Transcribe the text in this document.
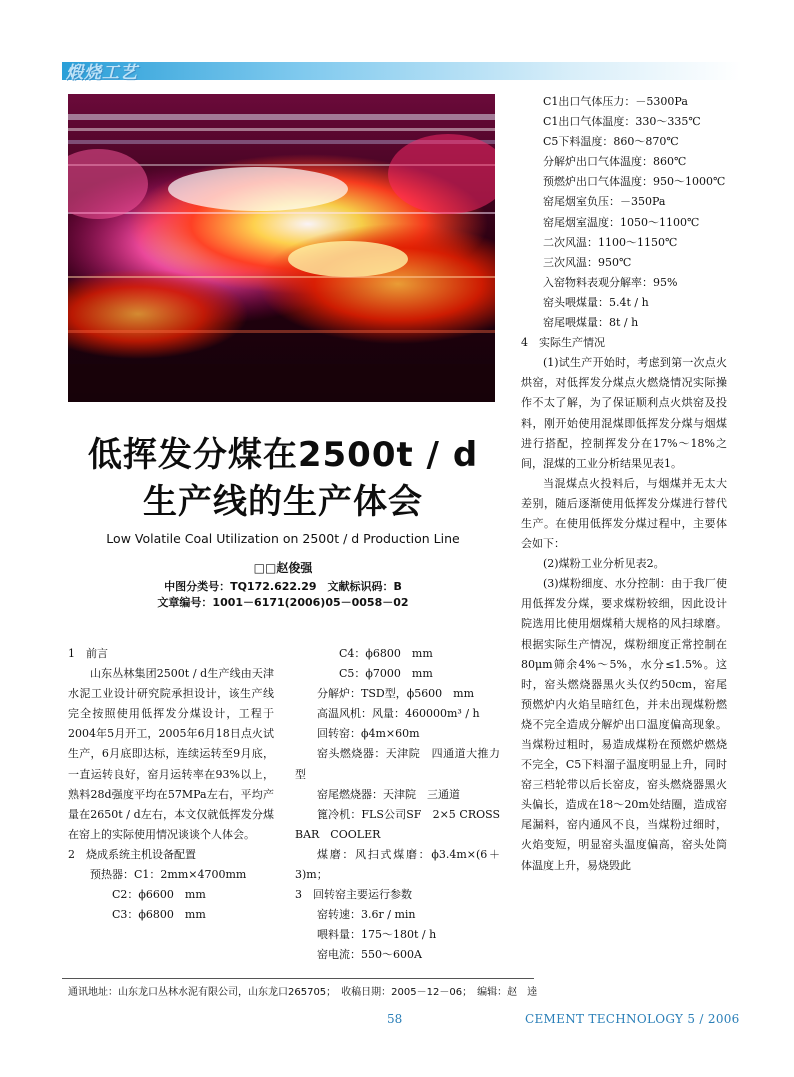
煅烧工艺
低挥发分煤在2500t / d
生产线的生产体会
Low Volatile Coal Utilization on 2500t / d Production Line
□□赵俊强
中图分类号：TQ172.622.29　文献标识码：B
文章编号：1001－6171(2006)05－0058－02

1　前言

山东丛林集团2500t / d生产线由天津水泥工业设计研究院承担设计，该生产线完全按照使用低挥发分煤设计，工程于2004年5月开工，2005年6月18日点火试生产，6月底即达标，连续运转至9月底，一直运转良好，窑月运转率在93%以上，熟料28d强度平均在57MPa左右，平均产量在2650t / d左右，本文仅就低挥发分煤在窑上的实际使用情况谈谈个人体会。

2　烧成系统主机设备配置

预热器：C1：2mm×4700mm

C2：ϕ6600　mm

C3：ϕ6800　mm

C4：ϕ6800　mm

C5：ϕ7000　mm

分解炉：TSD型，ϕ5600　mm

高温风机：风量：460000m³ / h

回转窑：ϕ4m×60m

窑头燃烧器：天津院　四通道大推力型

窑尾燃烧器：天津院　三通道

篦冷机：FLS公司SF　2×5 CROSS　BAR　COOLER

煤磨：风扫式煤磨：ϕ3.4m×(6＋3)m；

3　回转窑主要运行参数

窑转速：3.6r / min

喂料量：175～180t / h

窑电流：550～600A

C1出口气体压力：－5300Pa

C1出口气体温度：330～335℃

C5下料温度：860～870℃

分解炉出口气体温度：860℃

预燃炉出口气体温度：950～1000℃

窑尾烟室负压：－350Pa

窑尾烟室温度：1050～1100℃

二次风温：1100～1150℃

三次风温：950℃

入窑物料表观分解率：95%

窑头喂煤量：5.4t / h

窑尾喂煤量：8t / h

4　实际生产情况

(1)试生产开始时，考虑到第一次点火烘窑，对低挥发分煤点火燃烧情况实际操作不太了解，为了保证顺利点火烘窑及投料，刚开始使用混煤即低挥发分煤与烟煤进行搭配，控制挥发分在17%～18%之间，混煤的工业分析结果见表1。

当混煤点火投料后，与烟煤并无太大差别，随后逐渐使用低挥发分煤进行替代生产。在使用低挥发分煤过程中，主要体会如下：

(2)煤粉工业分析见表2。

(3)煤粉细度、水分控制：由于我厂使用低挥发分煤，要求煤粉较细，因此设计院选用比使用烟煤稍大规格的风扫球磨。根据实际生产情况，煤粉细度正常控制在80μm筛余4%～5%，水分≤1.5%。这时，窑头燃烧器黑火头仅约50cm，窑尾预燃炉内火焰呈暗红色，并未出现煤粉燃烧不完全造成分解炉出口温度偏高现象。当煤粉过粗时，易造成煤粉在预燃炉燃烧不完全，C5下料溜子温度明显上升，同时窑三档轮带以后长窑皮，窑头燃烧器黑火头偏长，造成在18～20m处结圈，造成窑尾漏料，窑内通风不良，当煤粉过细时，火焰变短，明显窑头温度偏高，窑头处筒体温度上升，易烧毁此

通讯地址：山东龙口丛林水泥有限公司，山东龙口265705；　收稿日期：2005－12－06；　编辑：赵　逵
58	CEMENT TECHNOLOGY 5 / 2006
